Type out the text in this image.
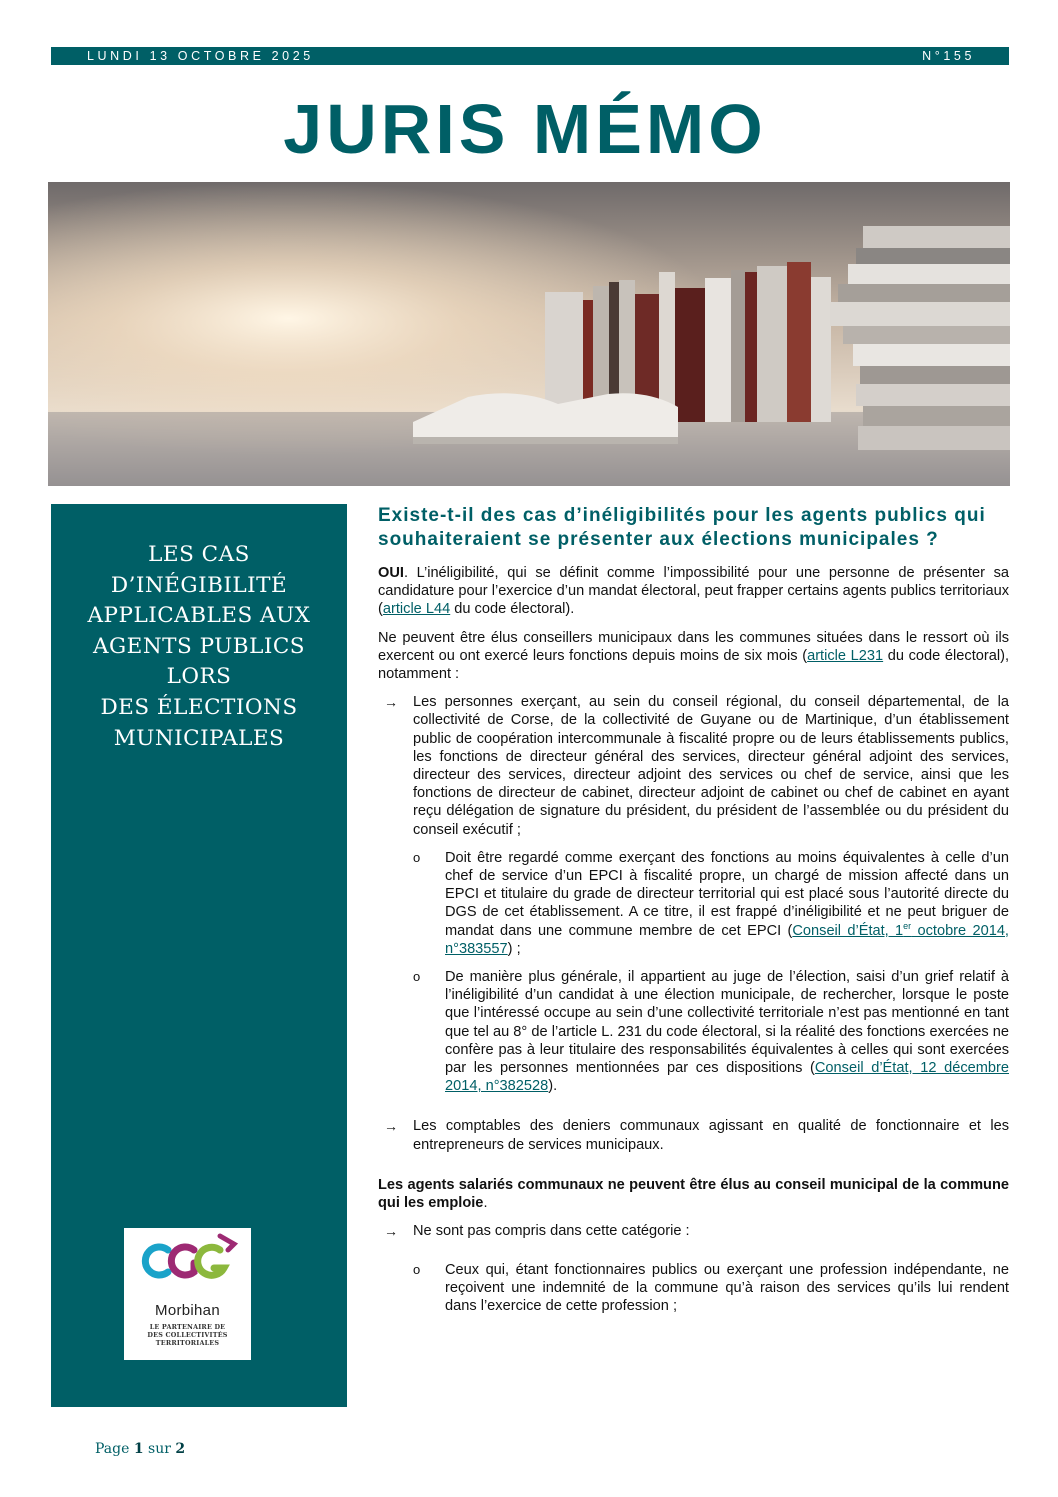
LUNDI 13 OCTOBRE 2025	N°155
JURIS MÉMO
LES CAS D’INÉGIBILITÉ
APPLICABLES AUX
AGENTS PUBLICS LORS
DES ÉLECTIONS
MUNICIPALES
Morbihan
LE PARTENAIRE DE
DES COLLECTIVITÉS
TERRITORIALES
Existe-t-il des cas d’inéligibilités pour les agents publics qui souhaiteraient se présenter aux élections municipales ?

OUI. L’inéligibilité, qui se définit comme l’impossibilité pour une personne de présenter sa candidature pour l’exercice d’un mandat électoral, peut frapper certains agents publics territoriaux (article L44 du code électoral).

Ne peuvent être élus conseillers municipaux dans les communes situées dans le ressort où ils exercent ou ont exercé leurs fonctions depuis moins de six mois (article L231 du code électoral), notamment :

→ Les personnes exerçant, au sein du conseil régional, du conseil départemental, de la collectivité de Corse, de la collectivité de Guyane ou de Martinique, d’un établissement public de coopération intercommunale à fiscalité propre ou de leurs établissements publics, les fonctions de directeur général des services, directeur général adjoint des services, directeur des services, directeur adjoint des services ou chef de service, ainsi que les fonctions de directeur de cabinet, directeur adjoint de cabinet ou chef de cabinet en ayant reçu délégation de signature du président, du président de l’assemblée ou du président du conseil exécutif ;

o Doit être regardé comme exerçant des fonctions au moins équivalentes à celle d’un chef de service d’un EPCI à fiscalité propre, un chargé de mission affecté dans un EPCI et titulaire du grade de directeur territorial qui est placé sous l’autorité directe du DGS de cet établissement. A ce titre, il est frappé d’inéligibilité et ne peut briguer de mandat dans une commune membre de cet EPCI (Conseil d’État, 1er octobre 2014, n°383557) ;

o De manière plus générale, il appartient au juge de l’élection, saisi d’un grief relatif à l’inéligibilité d’un candidat à une élection municipale, de rechercher, lorsque le poste que l’intéressé occupe au sein d’une collectivité territoriale n’est pas mentionné en tant que tel au 8° de l’article L. 231 du code électoral, si la réalité des fonctions exercées ne confère pas à leur titulaire des responsabilités équivalentes à celles qui sont exercées par les personnes mentionnées par ces dispositions (Conseil d’État, 12 décembre 2014, n°382528).

→ Les comptables des deniers communaux agissant en qualité de fonctionnaire et les entrepreneurs de services municipaux.

Les agents salariés communaux ne peuvent être élus au conseil municipal de la commune qui les emploie.

→ Ne sont pas compris dans cette catégorie :

o Ceux qui, étant fonctionnaires publics ou exerçant une profession indépendante, ne reçoivent une indemnité de la commune qu’à raison des services qu’ils lui rendent dans l’exercice de cette profession ;

Page 1 sur 2
